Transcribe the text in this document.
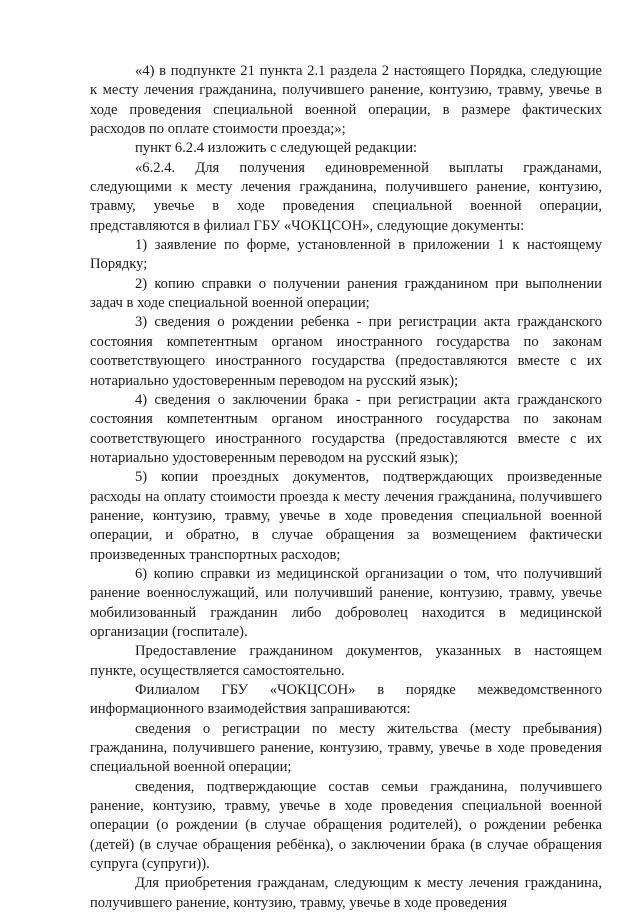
«4) в подпункте 21 пункта 2.1 раздела 2 настоящего Порядка, следующие к месту лечения гражданина, получившего ранение, контузию, травму, увечье в ходе проведения специальной военной операции, в размере фактических расходов по оплате стоимости проезда;»;

пункт 6.2.4 изложить с следующей редакции:

«6.2.4. Для получения единовременной выплаты гражданами, следующими к месту лечения гражданина, получившего ранение, контузию, травму, увечье в ходе проведения специальной военной операции, представляются в филиал ГБУ «ЧОКЦСОН», следующие документы:

1) заявление по форме, установленной в приложении 1 к настоящему Порядку;

2) копию справки о получении ранения гражданином при выполнении задач в ходе специальной военной операции;

3) сведения о рождении ребенка - при регистрации акта гражданского состояния компетентным органом иностранного государства по законам соответствующего иностранного государства (предоставляются вместе с их нотариально удостоверенным переводом на русский язык);

4) сведения о заключении брака - при регистрации акта гражданского состояния компетентным органом иностранного государства по законам соответствующего иностранного государства (предоставляются вместе с их нотариально удостоверенным переводом на русский язык);

5) копии проездных документов, подтверждающих произведенные расходы на оплату стоимости проезда к месту лечения гражданина, получившего ранение, контузию, травму, увечье в ходе проведения специальной военной операции, и обратно, в случае обращения за возмещением фактически произведенных транспортных расходов;

6) копию справки из медицинской организации о том, что получивший ранение военнослужащий, или получивший ранение, контузию, травму, увечье мобилизованный гражданин либо доброволец находится в медицинской организации (госпитале).

Предоставление гражданином документов, указанных в настоящем пункте, осуществляется самостоятельно.

Филиалом ГБУ «ЧОКЦСОН» в порядке межведомственного информационного взаимодействия запрашиваются:

сведения о регистрации по месту жительства (месту пребывания) гражданина, получившего ранение, контузию, травму, увечье в ходе проведения специальной военной операции;

сведения, подтверждающие состав семьи гражданина, получившего ранение, контузию, травму, увечье в ходе проведения специальной военной операции (о рождении (в случае обращения родителей), о рождении ребенка (детей) (в случае обращения ребёнка), о заключении брака (в случае обращения супруга (супруги)).

Для приобретения гражданам, следующим к месту лечения гражданина, получившего ранение, контузию, травму, увечье в ходе проведения
